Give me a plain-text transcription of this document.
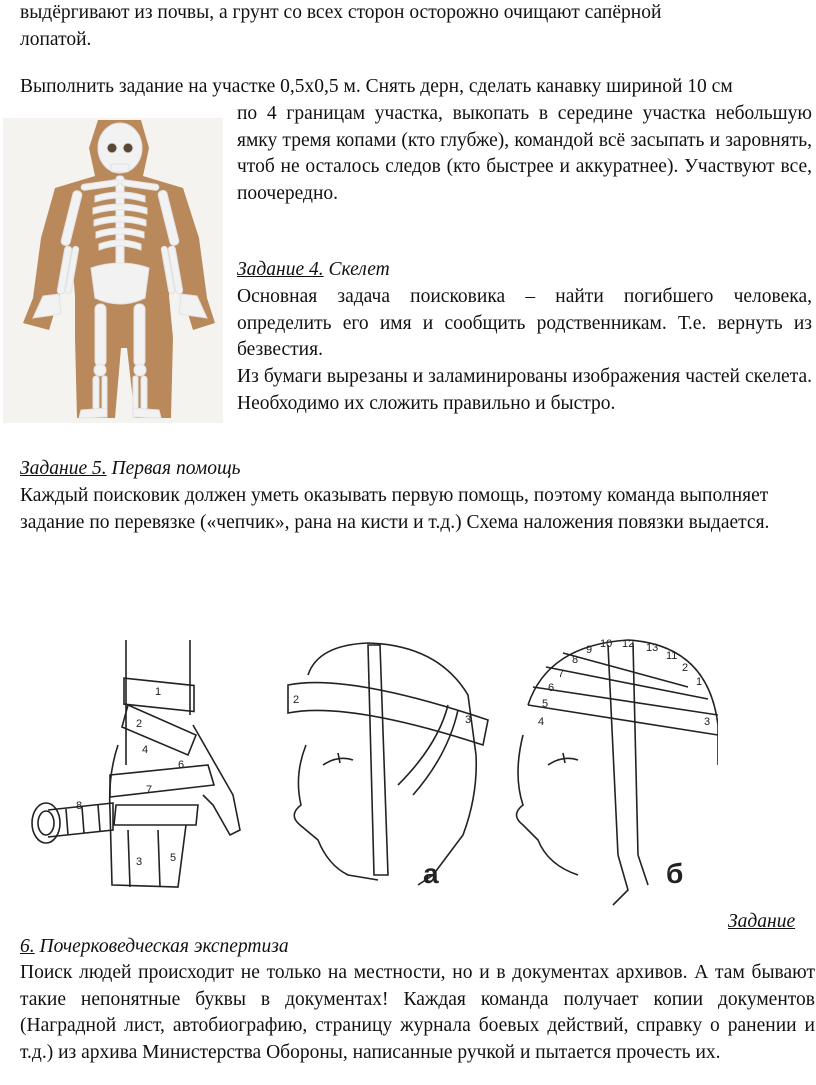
выдёргивают из почвы, а грунт со всех сторон осторожно очищают сапёрной

лопатой.

Выполнить задание на участке 0,5х0,5 м. Снять дерн, сделать канавку шириной 10 см

по 4 границам участка, выкопать в середине участка небольшую ямку тремя копами (кто глубже), командой всё засыпать и заровнять, чтоб не осталось следов (кто быстрее и аккуратнее). Участвуют все, поочередно.

Задание 4. Скелет

Основная задача поисковика – найти погибшего человека, определить его имя и сообщить родственникам. Т.е. вернуть из безвестия.

Из бумаги вырезаны и заламинированы изображения частей скелета. Необходимо их сложить правильно и быстро.

Задание 5. Первая помощь

Каждый поисковик должен уметь оказывать первую помощь, поэтому команда выполняет задание по перевязке («чепчик», рана на кисти и т.д.) Схема наложения повязки выдается.

1
2
3
4
5
6
7
8
2
3
а
4
5
6
7
8
9 10 12 13
11
2
1
3
б

Задание

6. Почерковедческая экспертиза

Поиск людей происходит не только на местности, но и в документах архивов. А там бывают такие непонятные буквы в документах! Каждая команда получает копии документов (Наградной лист, автобиографию, страницу журнала боевых действий, справку о ранении и т.д.) из архива Министерства Обороны, написанные ручкой и пытается прочесть их.
